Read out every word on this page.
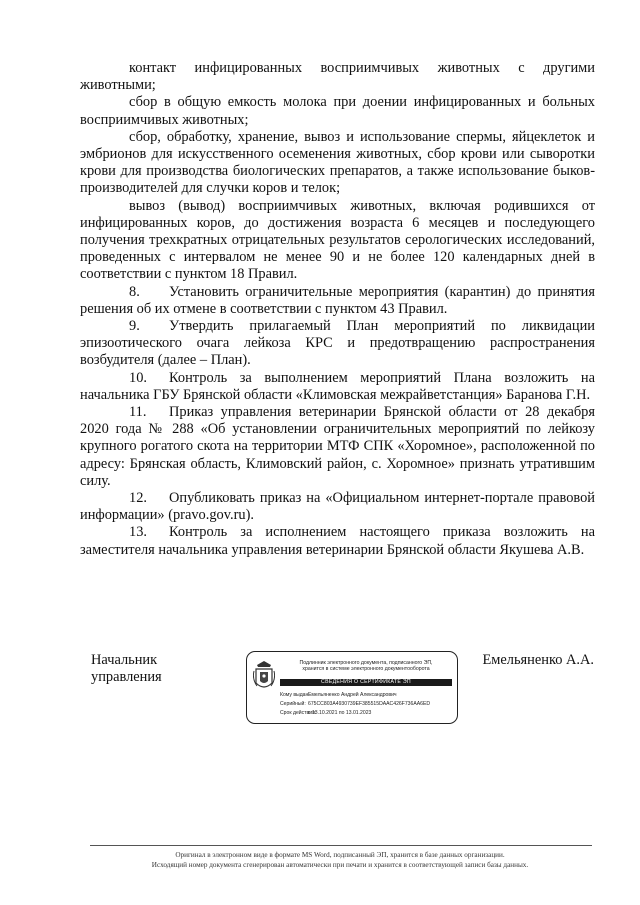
контакт инфицированных восприимчивых животных с другими животными;

сбор в общую емкость молока при доении инфицированных и больных восприимчивых животных;

сбор, обработку, хранение, вывоз и использование спермы, яйцеклеток и эмбрионов для искусственного осеменения животных, сбор крови или сыворотки крови для производства биологических препаратов, а также использование быков-производителей для случки коров и телок;

вывоз (вывод) восприимчивых животных, включая родившихся от инфицированных коров, до достижения возраста 6 месяцев и последующего получения трехкратных отрицательных результатов серологических исследований, проведенных с интервалом не менее 90 и не более 120 календарных дней в соответствии с пунктом 18 Правил.

8. Установить ограничительные мероприятия (карантин) до принятия решения об их отмене в соответствии с пунктом 43 Правил.

9. Утвердить прилагаемый План мероприятий по ликвидации эпизоотического очага лейкоза КРС и предотвращению распространения возбудителя (далее – План).

10. Контроль за выполнением мероприятий Плана возложить на начальника ГБУ Брянской области «Климовская межрайветстанция» Баранова Г.Н.

11. Приказ управления ветеринарии Брянской области от 28 декабря 2020 года № 288 «Об установлении ограничительных мероприятий по лейкозу крупного рогатого скота на территории МТФ СПК «Хоромное», расположенной по адресу: Брянская область, Климовский район, с. Хоромное» признать утратившим силу.

12. Опубликовать приказ на «Официальном интернет-портале правовой информации» (pravo.gov.ru).

13. Контроль за исполнением настоящего приказа возложить на заместителя начальника управления ветеринарии Брянской области Якушева А.В.

Начальник
управления
Подлинник электронного документа, подписанного ЭП,
хранится в системе электронного документооборота
СВЕДЕНИЯ О СЕРТИФИКАТЕ ЭП
Кому выдан:Емельяненко Андрей Александрович
Серийный: 675CC803A4930739EF385515DAAC426F736AA6ED
Срок действия:с 13.10.2021 по 13.01.2023
Емельяненко А.А.
Оригинал в электронном виде в формате MS Word, подписанный ЭП, хранится в базе данных организации.
Исходящий номер документа сгенерирован автоматически при печати и хранится в соответствующей записи базы данных.
